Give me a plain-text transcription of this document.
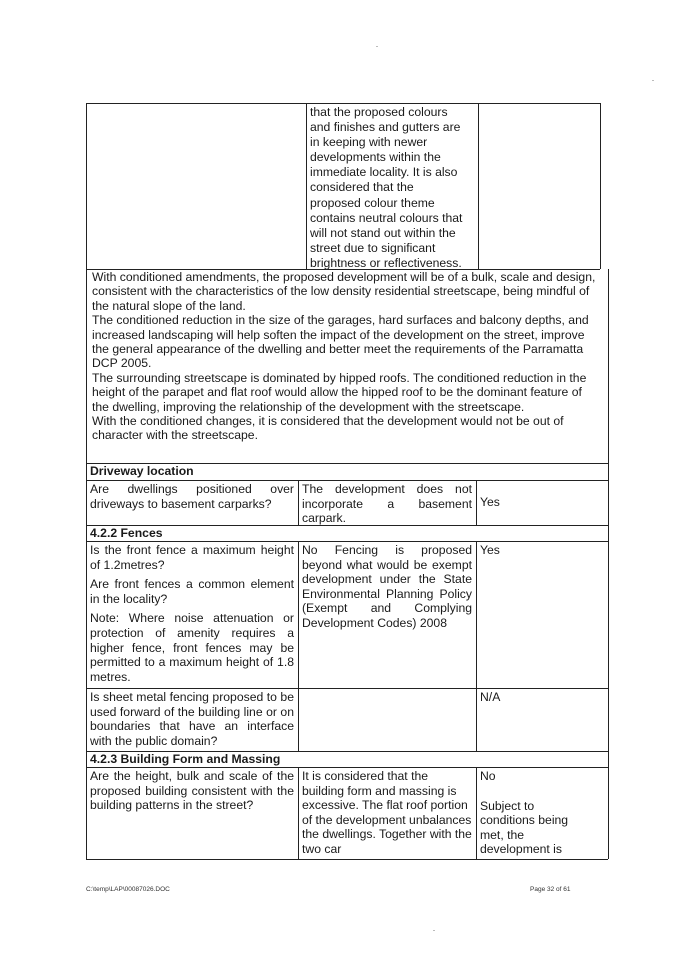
that the proposed colours
and finishes and gutters are
in keeping with newer
developments within the
immediate locality. It is also
considered that the
proposed colour theme
contains neutral colours that
will not stand out within the
street due to significant
brightness or reflectiveness.
With conditioned amendments, the proposed development will be of a bulk, scale and design, consistent with the characteristics of the low density residential streetscape, being mindful of the natural slope of the land.
The conditioned reduction in the size of the garages, hard surfaces and balcony depths, and increased landscaping will help soften the impact of the development on the street, improve the general appearance of the dwelling and better meet the requirements of the Parramatta DCP 2005.
The surrounding streetscape is dominated by hipped roofs. The conditioned reduction in the height of the parapet and flat roof would allow the hipped roof to be the dominant feature of the dwelling, improving the relationship of the development with the streetscape.
With the conditioned changes, it is considered that the development would not be out of character with the streetscape.
Driveway location
Are dwellings positioned over driveways to basement carparks?
The development does not incorporate a basement carpark.
Yes
4.2.2 Fences
Is the front fence a maximum height of 1.2metres?
Are front fences a common element in the locality?
Note: Where noise attenuation or protection of amenity requires a higher fence, front fences may be permitted to a maximum height of 1.8 metres.
No Fencing is proposed beyond what would be exempt development under the State Environmental Planning Policy (Exempt and Complying Development Codes) 2008
Yes
Is sheet metal fencing proposed to be used forward of the building line or on boundaries that have an interface with the public domain?
N/A
4.2.3 Building Form and Massing
Are the height, bulk and scale of the proposed building consistent with the building patterns in the street?
It is considered that the building form and massing is excessive. The flat roof portion of the development unbalances the dwellings. Together with the two car
No
Subject to conditions being met, the development is
C:\temp\LAP\00087026.DOC	Page 32 of 61
